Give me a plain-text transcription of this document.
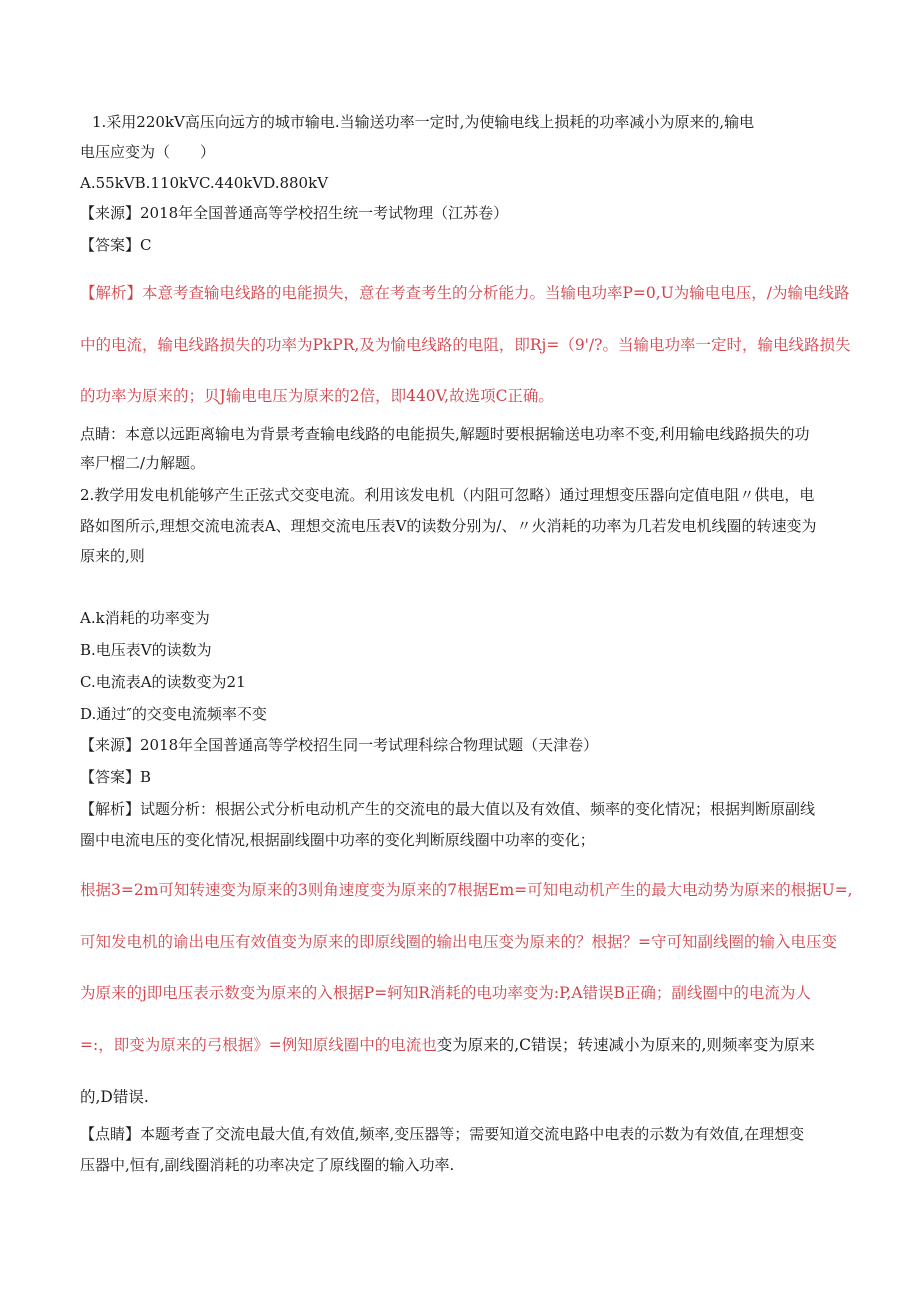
1.采用220kV高压向远方的城市输电.当输送功率一定时,为使输电线上损耗的功率减小为原来的,输电
电压应变为（　　）
A.55kVB.110kVC.440kVD.880kV
【来源】2018年全国普通高等学校招生统一考试物理（江苏卷）
【答案】C
【解析】本意考查输电线路的电能损失，意在考查考生的分析能力。当输电功率P=0,U为输电电压，/为输电线路
中的电流，输电线路损失的功率为PkPR,及为愉电线路的电阻，即Rj=（9'/?。当输电功率一定时，输电线路损失
的功率为原来的；贝J输电电压为原来的2倍，即440V,故选项C正确。
点睛：本意以远距离输电为背景考查输电线路的电能损失,解题时要根据输送电功率不变,利用输电线路损失的功
率尸榴二/力解题。
2.教学用发电机能够产生正弦式交变电流。利用该发电机（内阻可忽略）通过理想变压器向定值电阻〃供电，电
路如图所示,理想交流电流表A、理想交流电压表V的读数分别为/、〃火消耗的功率为几若发电机线圈的转速变为
原来的,则
A.k消耗的功率变为
B.电压表V的读数为
C.电流表A的读数变为21
D.通过″的交变电流频率不变
【来源】2018年全国普通高等学校招生同一考试理科综合物理试题（天津卷）
【答案】B
【解析】试题分析：根据公式分析电动机产生的交流电的最大值以及有效值、频率的变化情况；根据判断原副线
圈中电流电压的变化情况,根据副线圈中功率的变化判断原线圈中功率的变化；
根据3=2m可知转速变为原来的3则角速度变为原来的7根据Em=可知电动机产生的最大电动势为原来的根据U=,
可知发电机的谕出电压有效值变为原来的即原线圈的输出电压变为原来的？根据？=守可知副线圈的输入电压变
为原来的j即电压表示数变为原来的入根据P=轲知R消耗的电功率变为:P,A错误B正确；副线圈中的电流为人
=:，即变为原来的弓根据》=例知原线圈中的电流也变为原来的,C错误；转速减小为原来的,则频率变为原来
的,D错误.
【点睛】本题考查了交流电最大值,有效值,频率,变压器等；需要知道交流电路中电表的示数为有效值,在理想变
压器中,恒有,副线圈消耗的功率决定了原线圈的输入功率.
